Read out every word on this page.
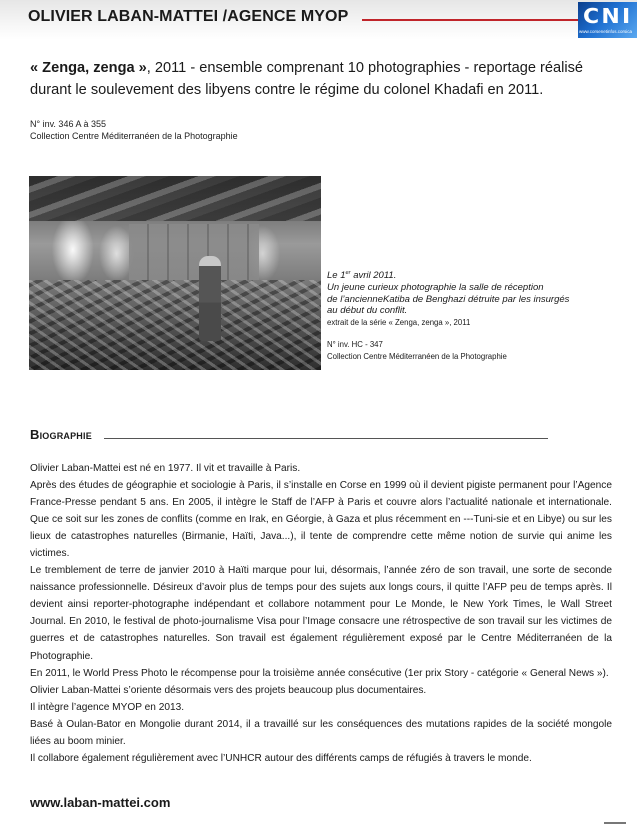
OLIVIER LABAN-MATTEI /AGENCE MYOP	CNI
www.corsenetinfos.corsica
« Zenga, zenga », 2011 - ensemble comprenant 10 photographies - reportage réalisé durant le soulevement des libyens contre le régime du colonel Khadafi en 2011.
N° inv. 346 A à 355
Collection Centre Méditerranéen de la Photographie
Le 1er avril 2011.
Un jeune curieux photographie la salle de réception
de l’ancienneKatiba de Benghazi détruite par les insurgés
au début du conflit.
extrait de la série « Zenga, zenga », 2011
N° inv. HC - 347
Collection Centre Méditerranéen de la Photographie
Biographie

Olivier Laban-Mattei est né en 1977. Il vit et travaille à Paris.

Après des études de géographie et sociologie à Paris, il s’installe en Corse en 1999 où il devient pigiste permanent pour l’Agence France-Presse pendant 5 ans. En 2005, il intègre le Staff de l’AFP à Paris et couvre alors l’actualité nationale et internationale. Que ce soit sur les zones de conflits (comme en Irak, en Géorgie, à Gaza et plus récemment en ---Tuni-sie et en Libye) ou sur les lieux de catastrophes naturelles (Birmanie, Haïti, Java...), il tente de comprendre cette même notion de survie qui anime les victimes.

Le tremblement de terre de janvier 2010 à Haïti marque pour lui, désormais, l’année zéro de son travail, une sorte de seconde naissance professionnelle. Désireux d’avoir plus de temps pour des sujets aux longs cours, il quitte l’AFP peu de temps après. Il devient ainsi reporter-photographe indépendant et collabore notamment pour Le Monde, le New York Times, le Wall Street Journal. En 2010, le festival de photo-journalisme Visa pour l’Image consacre une rétrospective de son travail sur les victimes de guerres et de catastrophes naturelles. Son travail est également régulièrement exposé par le Centre Méditerranéen de la Photographie.

En 2011, le World Press Photo le récompense pour la troisième année consécutive (1er prix Story - catégorie « General News »).

Olivier Laban-Mattei s’oriente désormais vers des projets beaucoup plus documentaires.

Il intègre l’agence MYOP en 2013.

Basé à Oulan-Bator en Mongolie durant 2014, il a travaillé sur les conséquences des mutations rapides de la société mongole liées au boom minier.

Il collabore également régulièrement avec l’UNHCR autour des différents camps de réfugiés à travers le monde.

www.laban-mattei.com
